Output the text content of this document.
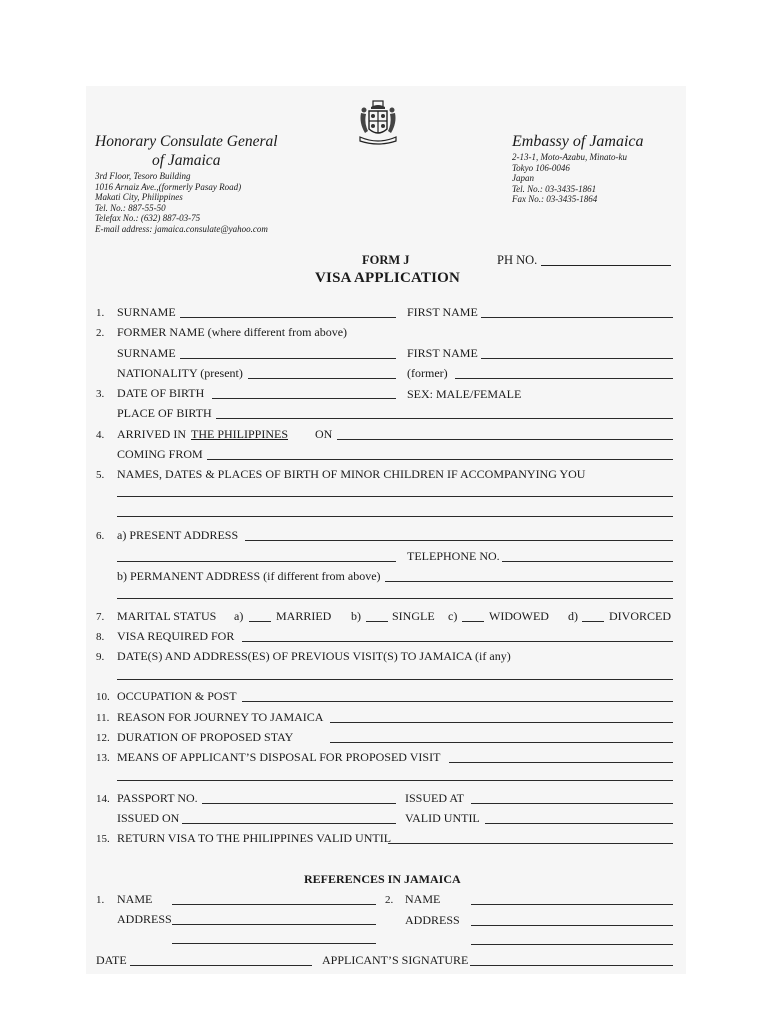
Honorary Consulate General
of Jamaica
3rd Floor, Tesoro Building
1016 Arnaiz Ave.,(formerly Pasay Road)
Makati City, Philippines
Tel. No.: 887-55-50
Telefax No.: (632) 887-03-75
E-mail address: jamaica.consulate@yahoo.com
Embassy of Jamaica
2-13-1, Moto-Azabu, Minato-ku
Tokyo 106-0046
Japan
Tel. No.: 03-3435-1861
Fax No.: 03-3435-1864
FORM J	PH NO.
VISA APPLICATION
1. SURNAME	FIRST NAME
2. FORMER NAME (where different from above)
SURNAME	FIRST NAME
NATIONALITY (present)	(former)
3. DATE OF BIRTH	SEX: MALE/FEMALE
PLACE OF BIRTH
4. ARRIVED IN THE PHILIPPINES ON
COMING FROM
5. NAMES, DATES & PLACES OF BIRTH OF MINOR CHILDREN IF ACCOMPANYING YOU
6. a) PRESENT ADDRESS
TELEPHONE NO.
b) PERMANENT ADDRESS (if different from above)
7. MARITAL STATUS a)	MARRIED b)	SINGLE c)	WIDOWED d)	DIVORCED
8. VISA REQUIRED FOR
9. DATE(S) AND ADDRESS(ES) OF PREVIOUS VISIT(S) TO JAMAICA (if any)
10. OCCUPATION & POST
11. REASON FOR JOURNEY TO JAMAICA
12. DURATION OF PROPOSED STAY
13. MEANS OF APPLICANT’S DISPOSAL FOR PROPOSED VISIT
14. PASSPORT NO.	ISSUED AT
ISSUED ON	VALID UNTIL
15. RETURN VISA TO THE PHILIPPINES VALID UNTIL
REFERENCES IN JAMAICA
1. NAME	2. NAME
ADDRESS	ADDRESS
DATE	APPLICANT’S SIGNATURE
